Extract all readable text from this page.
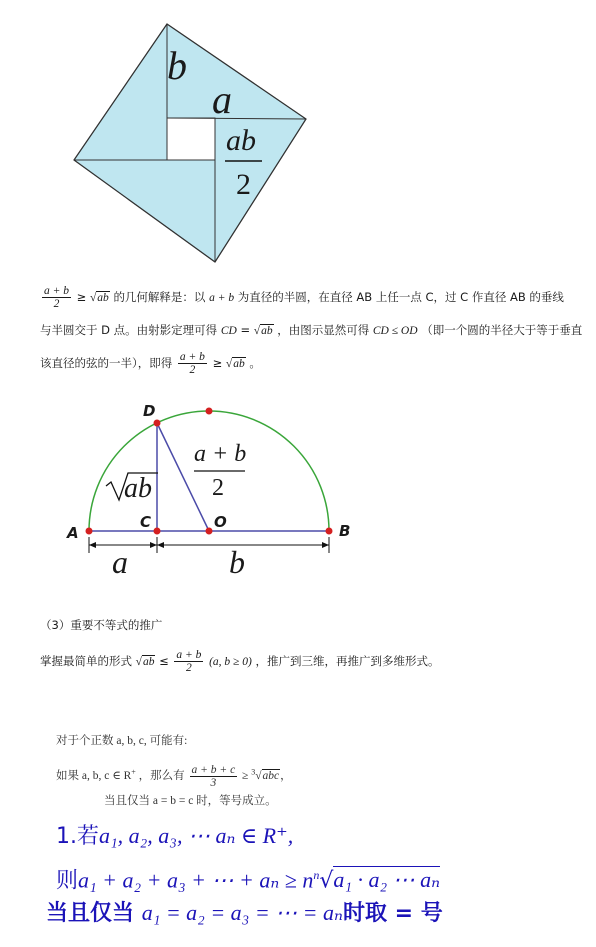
b
a
ab
2
$\frac{a + b}{2} \ge √ab$ 的几何解释是：以 a + b 为直径的半圆，在直径 AB 上任一点 C，过 C 作直径 AB 的垂线
与半圆交于 D 点。由射影定理可得 CD = √ab ，由图示显然可得 CD ≤ OD （即一个圆的半径大于等于垂直
该直径的弦的一半），即得 $\frac{a + b}{2} \ge √ab$ 。
D
A
C	O	B
a + b
2
ab
a	b
（3）重要不等式的推广
掌握最简单的形式 $√ab \le \frac{a + b}{2} (a$, b ≥ 0) ，推广到三维，再推广到多维形式。
对于个正数 a, b, c, 可能有:
如果 a, b, c ∈ R+ ，那么有 $\frac{a + b + c}{3} \ge ^3√abc$，
当且仅当 a = b = c 时，等号成立。
1.若a₁, a₂, a₃, ⋯ aₙ ∈ R⁺,
则a₁ + a₂ + a₃ + ⋯ + $a_n \ge n^n√a_1 \cdot a_2$ ⋯ aₙ
当且仅当 a₁ = a₂ = a₃ = ⋯ = aₙ时取 = 号
